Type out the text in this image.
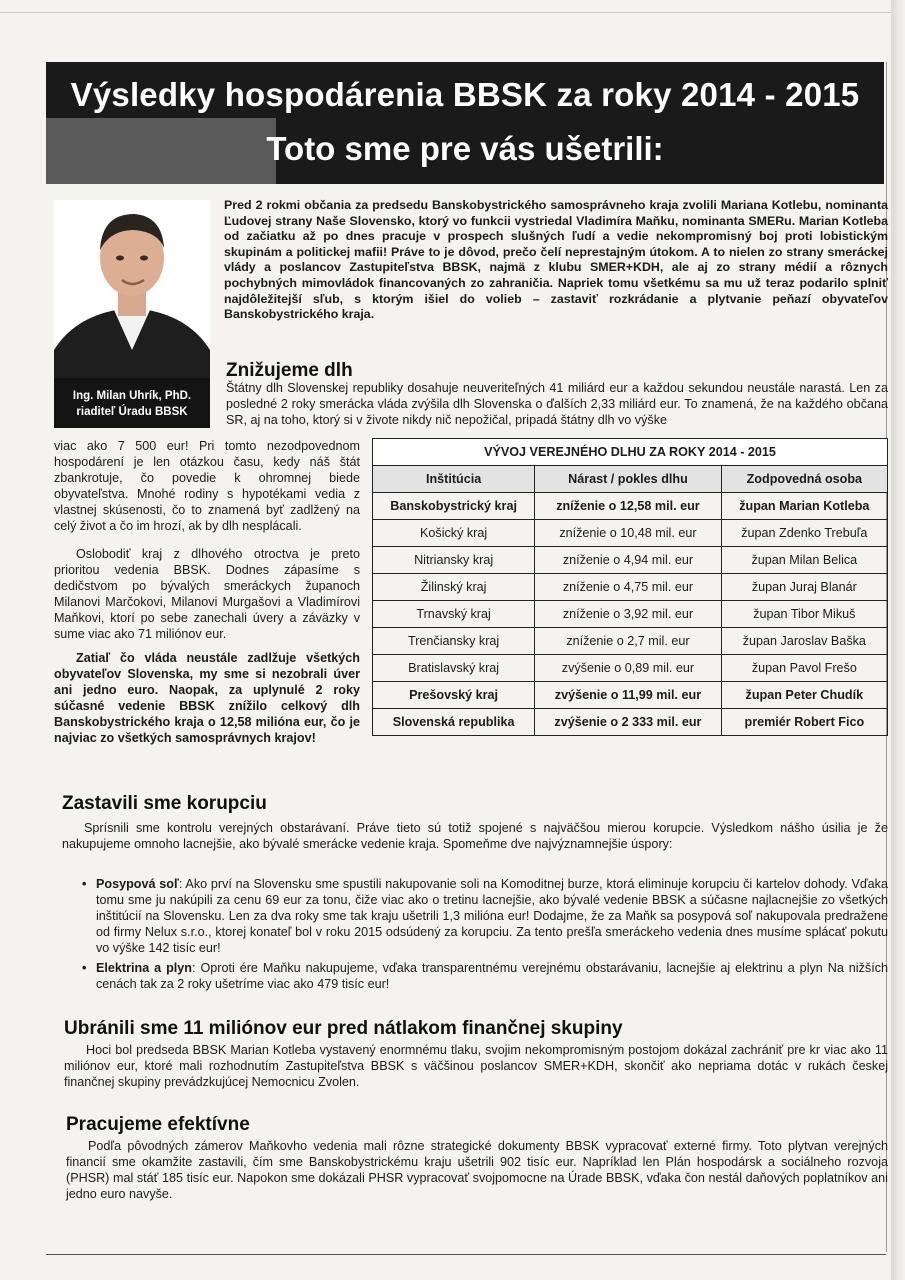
Výsledky hospodárenia BBSK za roky 2014 - 2015
Toto sme pre vás ušetrili:
Ing. Milan Uhrík, PhD.
riaditeľ Úradu BBSK
Pred 2 rokmi občania za predsedu Banskobystrického samosprávneho kraja zvolili Mariana Kotlebu, nominanta Ľudovej strany Naše Slovensko, ktorý vo funkcii vystriedal Vladimíra Maňku, nominanta SMERu. Marian Kotleba od začiatku až po dnes pracuje v prospech slušných ľudí a vedie nekompromisný boj proti lobistickým skupinám a politickej mafii! Práve to je dôvod, prečo čelí neprestajným útokom. A to nielen zo strany smeráckej vlády a poslancov Zastupiteľstva BBSK, najmä z klubu SMER+KDH, ale aj zo strany médií a rôznych pochybných mimovládok financovaných zo zahraničia. Napriek tomu všetkému sa mu už teraz podarilo splniť najdôležitejší sľub, s ktorým išiel do volieb – zastaviť rozkrádanie a plytvanie peňazí obyvateľov Banskobystrického kraja.
Znižujeme dlh
Štátny dlh Slovenskej republiky dosahuje neuveriteľných 41 miliárd eur a každou sekundou neustále narastá. Len za posledné 2 roky smerácka vláda zvýšila dlh Slovenska o ďalších 2,33 miliárd eur. To znamená, že na každého občana SR, aj na toho, ktorý si v živote nikdy nič nepožičal, pripadá štátny dlh vo výške
viac ako 7 500 eur! Pri tomto nezodpovednom hospodárení je len otázkou času, kedy náš štát zbankrotuje, čo povedie k ohromnej biede obyvateľstva. Mnohé rodiny s hypotékami vedia z vlastnej skúsenosti, čo to znamená byť zadlžený na celý život a čo im hrozí, ak by dlh nesplácali.
Oslobodiť kraj z dlhového otroctva je preto prioritou vedenia BBSK. Dodnes zápasíme s dedičstvom po bývalých smeráckych županoch Milanovi Marčokovi, Milanovi Murgašovi a Vladimírovi Maňkovi, ktorí po sebe zanechali úvery a záväzky v sume viac ako 71 miliónov eur.
Zatiaľ čo vláda neustále zadlžuje všetkých obyvateľov Slovenska, my sme si nezobrali úver ani jedno euro. Naopak, za uplynulé 2 roky súčasné vedenie BBSK znížilo celkový dlh Banskobystrického kraja o 12,58 milióna eur, čo je najviac zo všetkých samosprávnych krajov!
VÝVOJ VEREJNÉHO DLHU ZA ROKY 2014 - 2015		
Inštitúcia	Nárast / pokles dlhu	Zodpovedná osoba
Banskobystrický kraj	zníženie o 12,58 mil. eur	župan Marian Kotleba
Košický kraj	zníženie o 10,48 mil. eur	župan Zdenko Trebuľa
Nitriansky kraj	zníženie o 4,94 mil. eur	župan Milan Belica
Žilinský kraj	zníženie o 4,75 mil. eur	župan Juraj Blanár
Trnavský kraj	zníženie o 3,92 mil. eur	župan Tibor Mikuš
Trenčiansky kraj	zníženie o 2,7 mil. eur	župan Jaroslav Baška
Bratislavský kraj	zvýšenie o 0,89 mil. eur	župan Pavol Frešo
Prešovský kraj	zvýšenie o 11,99 mil. eur	župan Peter Chudík
Slovenská republika	zvýšenie o 2 333 mil. eur	premiér Robert Fico
Zastavili sme korupciu
Sprísnili sme kontrolu verejných obstarávaní. Práve tieto sú totiž spojené s najväčšou mierou korupcie. Výsledkom nášho úsilia je že nakupujeme omnoho lacnejšie, ako bývalé smerácke vedenie kraja. Spomeňme dve najvýznamnejšie úspory:
• Posypová soľ: Ako prví na Slovensku sme spustili nakupovanie soli na Komoditnej burze, ktorá eliminuje korupciu či kartelov dohody. Vďaka tomu sme ju nakúpili za cenu 69 eur za tonu, čiže viac ako o tretinu lacnejšie, ako bývalé vedenie BBSK a súčasne najlacnejšie zo všetkých inštitúcií na Slovensku. Len za dva roky sme tak kraju ušetrili 1,3 milióna eur! Dodajme, že za Maňk sa posypová soľ nakupovala predražene od firmy Nelux s.r.o., ktorej konateľ bol v roku 2015 odsúdený za korupciu. Za tento prešľa smeráckeho vedenia dnes musíme splácať pokutu vo výške 142 tisíc eur!
• Elektrina a plyn: Oproti ére Maňku nakupujeme, vďaka transparentnému verejnému obstarávaniu, lacnejšie aj elektrinu a plyn Na nižších cenách tak za 2 roky ušetríme viac ako 479 tisíc eur!
Ubránili sme 11 miliónov eur pred nátlakom finančnej skupiny
Hoci bol predseda BBSK Marian Kotleba vystavený enormnému tlaku, svojim nekompromisným postojom dokázal zachrániť pre kr viac ako 11 miliónov eur, ktoré mali rozhodnutím Zastupiteľstva BBSK s väčšinou poslancov SMER+KDH, skončiť ako nepriama dotác v rukách českej finančnej skupiny prevádzkujúcej Nemocnicu Zvolen.
Pracujeme efektívne
Podľa pôvodných zámerov Maňkovho vedenia mali rôzne strategické dokumenty BBSK vypracovať externé firmy. Toto plytvan verejných financií sme okamžite zastavili, čím sme Banskobystrickému kraju ušetrili 902 tisíc eur. Napríklad len Plán hospodársk a sociálneho rozvoja (PHSR) mal stáť 185 tisíc eur. Napokon sme dokázali PHSR vypracovať svojpomocne na Úrade BBSK, vďaka čon nestál daňových poplatníkov ani jedno euro navyše.
